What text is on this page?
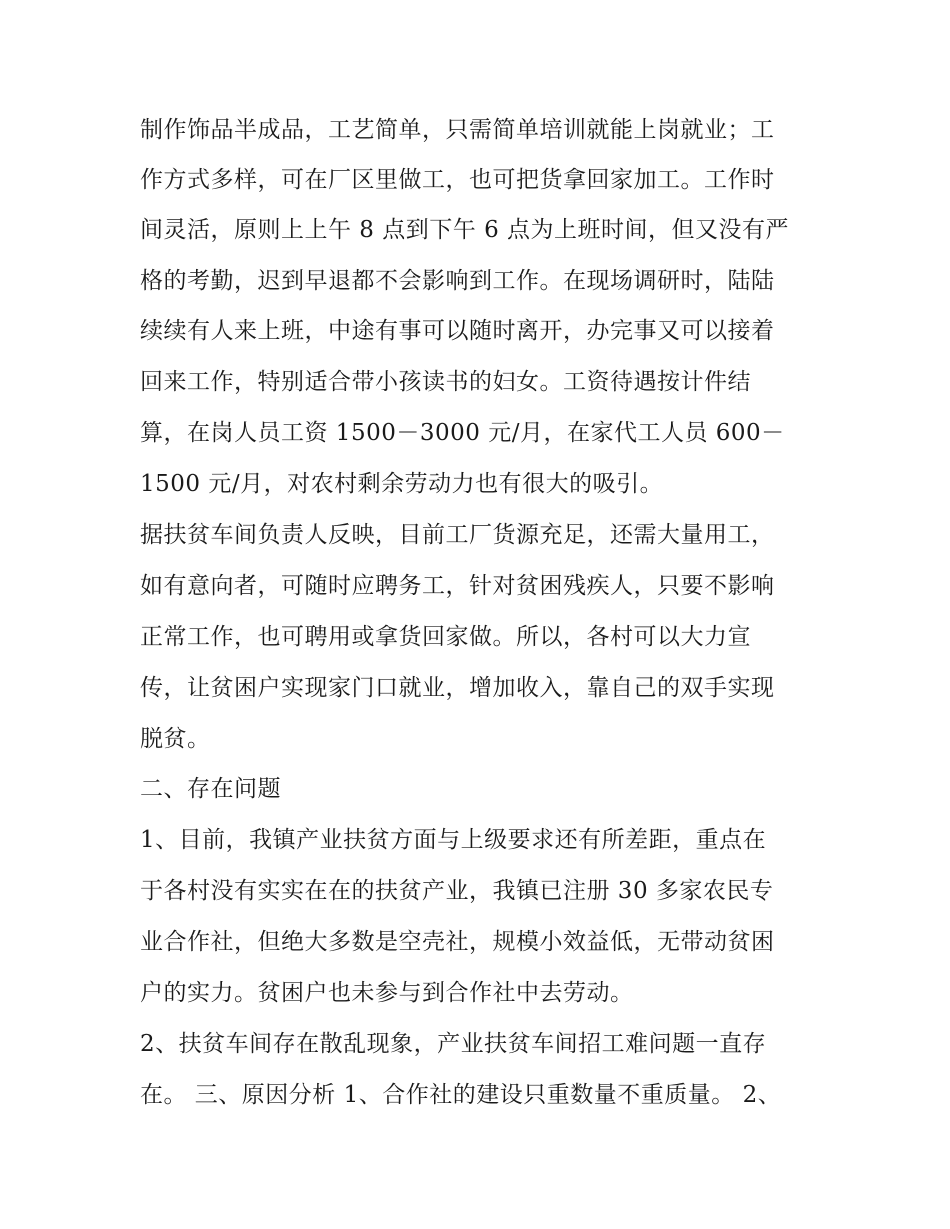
制作饰品半成品，工艺简单，只需简单培训就能上岗就业；工
作方式多样，可在厂区里做工，也可把货拿回家加工。工作时
间灵活，原则上上午 8 点到下午 6 点为上班时间，但又没有严
格的考勤，迟到早退都不会影响到工作。在现场调研时，陆陆
续续有人来上班，中途有事可以随时离开，办完事又可以接着
回来工作，特别适合带小孩读书的妇女。工资待遇按计件结
算，在岗人员工资 1500－3000 元/月，在家代工人员 600－
1500 元/月，对农村剩余劳动力也有很大的吸引。
据扶贫车间负责人反映，目前工厂货源充足，还需大量用工，
如有意向者，可随时应聘务工，针对贫困残疾人，只要不影响
正常工作，也可聘用或拿货回家做。所以，各村可以大力宣
传，让贫困户实现家门口就业，增加收入，靠自己的双手实现
脱贫。
二、存在问题
1、目前，我镇产业扶贫方面与上级要求还有所差距，重点在
于各村没有实实在在的扶贫产业，我镇已注册 30 多家农民专
业合作社，但绝大多数是空壳社，规模小效益低，无带动贫困
户的实力。贫困户也未参与到合作社中去劳动。
2、扶贫车间存在散乱现象，产业扶贫车间招工难问题一直存
在。 三、原因分析 1、合作社的建设只重数量不重质量。 2、
